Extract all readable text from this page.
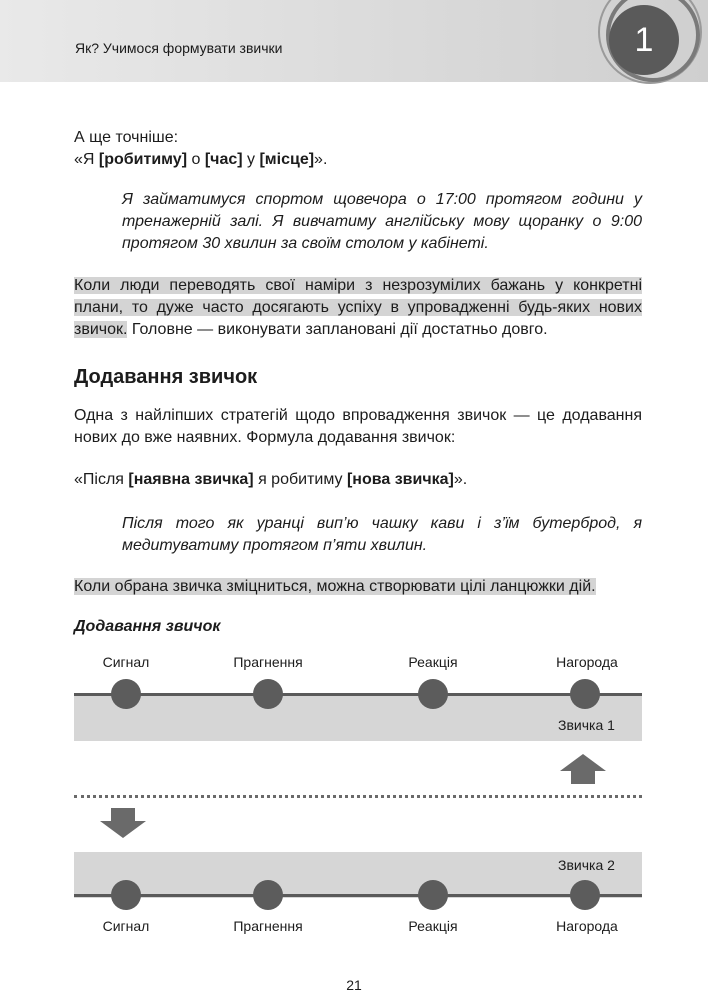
Як? Учимося формувати звички	1
А ще точніше:
«Я [робитиму] о [час] у [місце]».
Я займатимуся спортом щовечора о 17:00 протягом години у тренажерній залі. Я вивчатиму англійську мову щоранку о 9:00 протягом 30 хвилин за своїм столом у кабінеті.
Коли люди переводять свої наміри з незрозумілих бажань у конкретні плани, то дуже часто досягають успіху в упровадженні будь-яких нових звичок. Головне — виконувати заплановані дії достатньо довго.
Додавання звичок
Одна з найліпших стратегій щодо впровадження звичок — це додавання нових до вже наявних. Формула додавання звичок:
«Після [наявна звичка] я робитиму [нова звичка]».
Після того як уранці вип’ю чашку кави і з’їм бутерброд, я медитуватиму протягом п’яти хвилин.
Коли обрана звичка зміцниться, можна створювати цілі ланцюжки дій.
Додавання звичок
Сигнал	Прагнення	Реакція	Нагорода
Звичка 1
Звичка 2
Сигнал	Прагнення	Реакція	Нагорода
21
